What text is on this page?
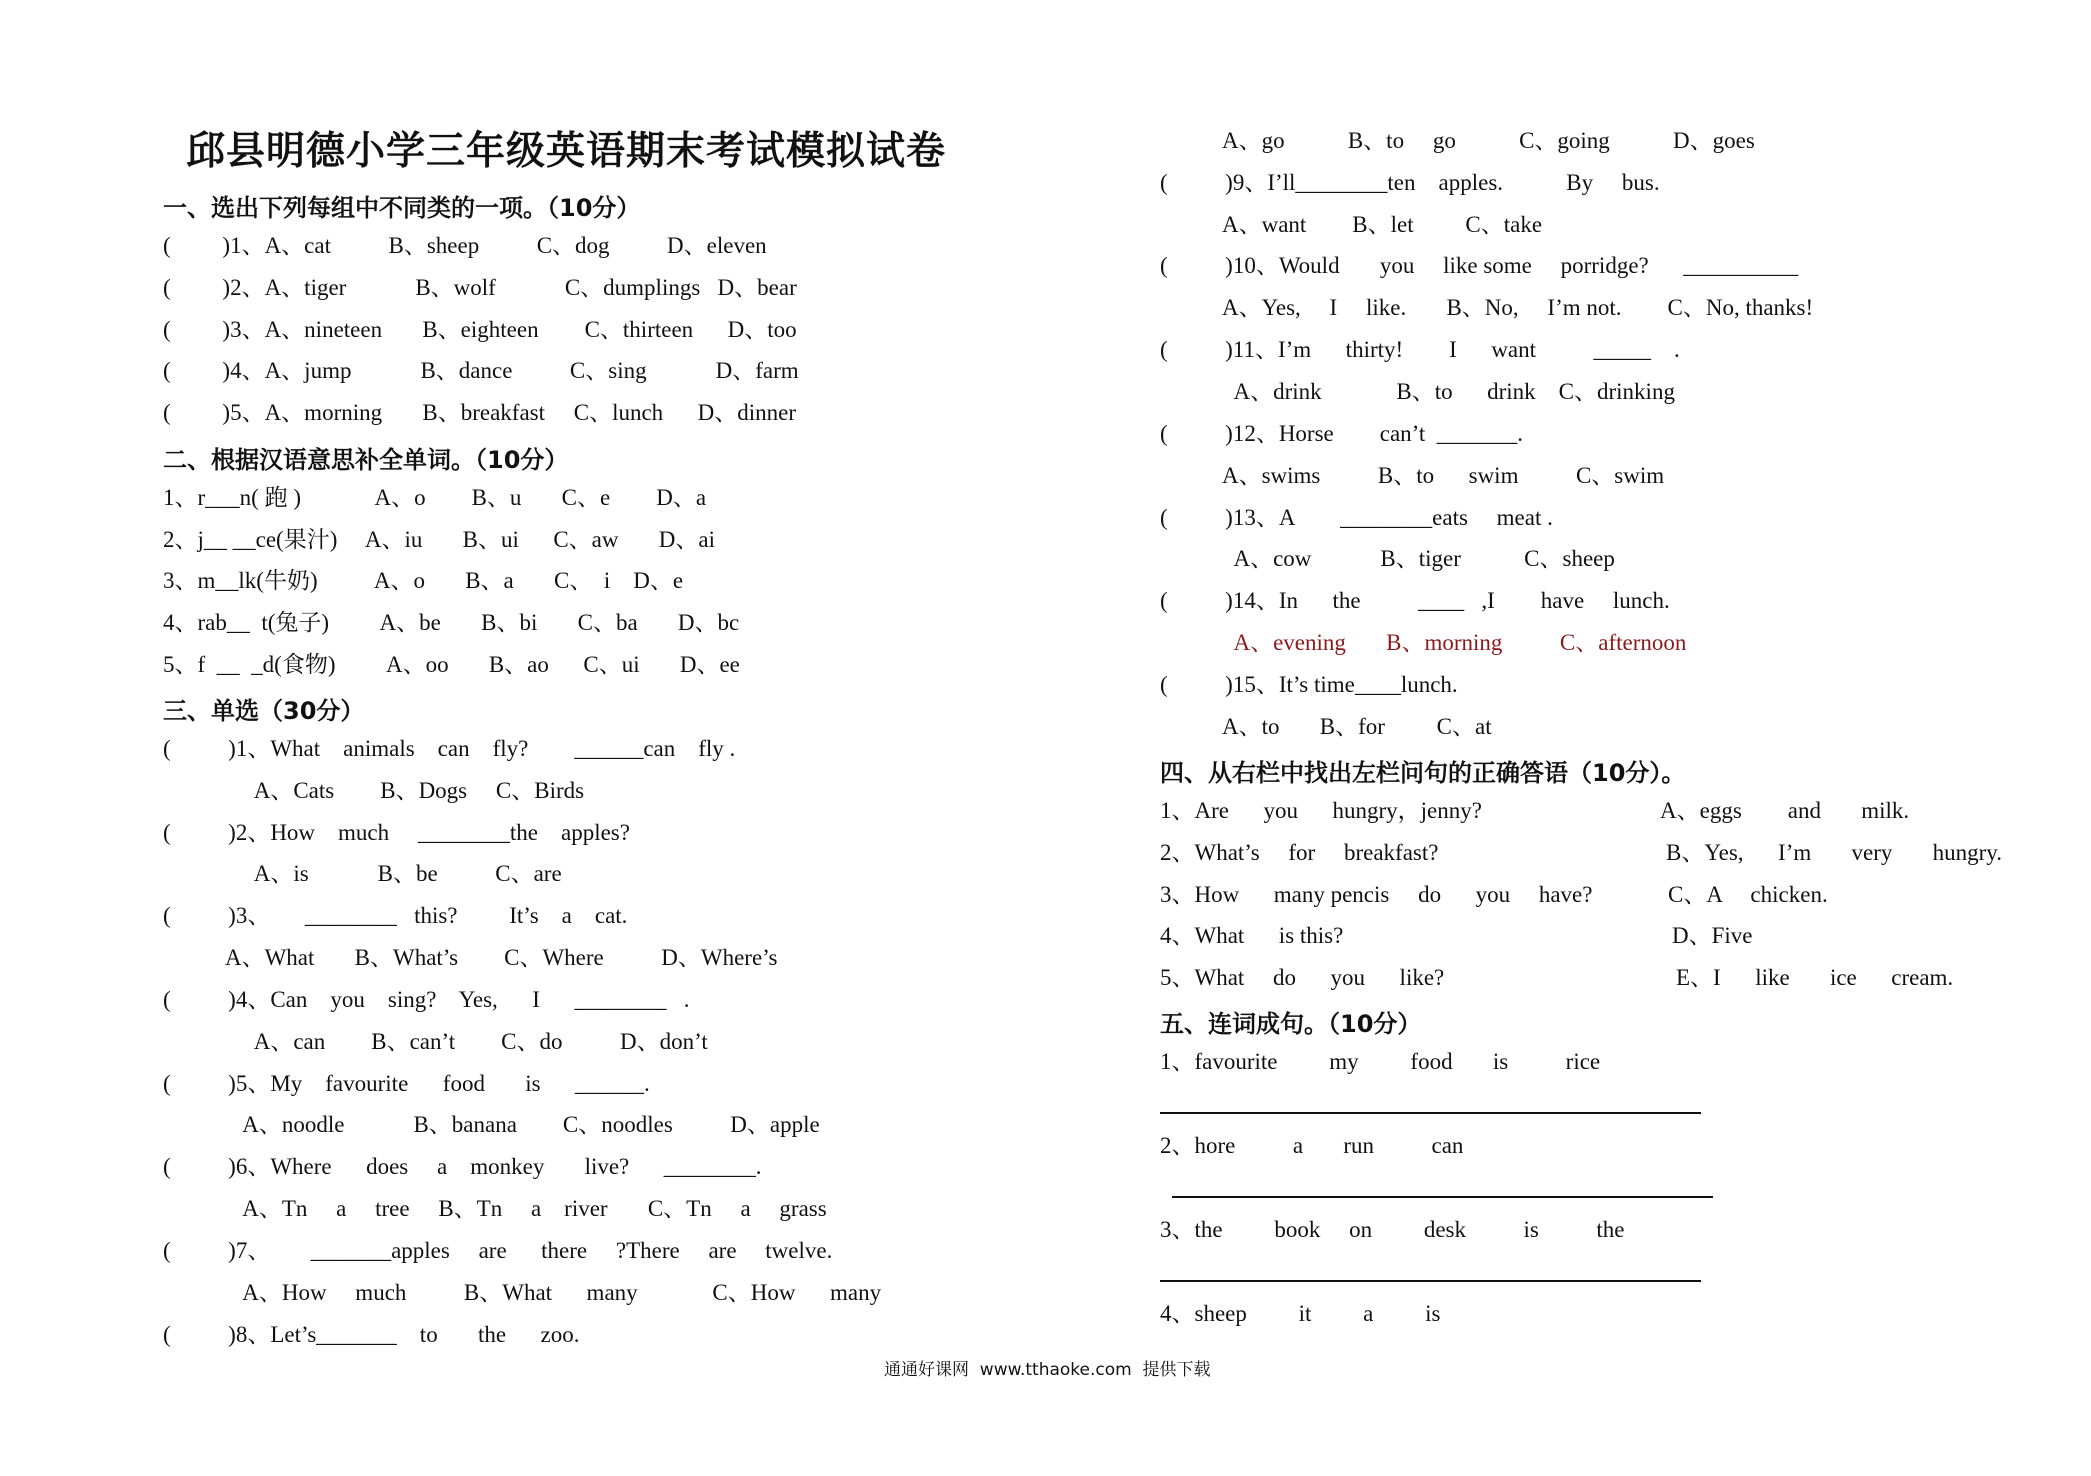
邱县明德小学三年级英语期末考试模拟试卷
一、选出下列每组中不同类的一项。（10分）
(         )1、A、cat          B、sheep          C、dog          D、eleven
(         )2、A、tiger            B、wolf            C、dumplings   D、bear
(         )3、A、nineteen       B、eighteen        C、thirteen      D、too
(         )4、A、jump            B、dance          C、sing            D、farm
(         )5、A、morning       B、breakfast     C、lunch      D、dinner
二、根据汉语意思补全单词。（10分）
1、r___n( 跑 )             A、o        B、u       C、e        D、a
2、j__ __ce(果汁)     A、iu       B、ui      C、aw       D、ai
3、m__lk(牛奶)          A、o       B、a       C、  i    D、e
4、rab__  t(兔子)         A、be       B、bi       C、ba       D、bc
5、f  __  _d(食物)         A、oo       B、ao      C、ui       D、ee
三、单选（30分）
(          )1、What    animals    can    fly?        ______can    fly .
A、Cats        B、Dogs     C、Birds
(          )2、How    much     ________the    apples?
A、is            B、be          C、are
(          )3、      ________   this?         It’s    a    cat.
A、What       B、What’s        C、Where          D、Where’s
(          )4、Can    you    sing?    Yes,      I      ________   .
A、can        B、can’t        C、do          D、don’t
(          )5、My    favourite      food       is      ______.
A、noodle            B、banana        C、noodles          D、apple
(          )6、Where      does     a    monkey       live?      ________.
A、Tn     a     tree     B、Tn     a    river       C、Tn     a     grass
(          )7、       _______apples     are      there     ?There     are     twelve.
A、How     much          B、What      many             C、How      many
(          )8、Let’s_______    to       the      zoo.
A、go           B、to     go           C、going           D、goes
(          )9、I’ll________ten    apples.           By     bus.
A、want        B、let         C、take
(          )10、Would       you     like some     porridge?      __________
A、Yes,     I     like.       B、No,     I’m not.        C、No, thanks!
(          )11、I’m      thirty!        I      want          _____    .
A、drink             B、to      drink    C、drinking
(          )12、Horse        can’t  _______.
A、swims          B、to      swim          C、swim
(          )13、A        ________eats     meat .
A、cow            B、tiger           C、sheep
(          )14、In      the          ____   ,I        have     lunch.
A、evening       B、morning          C、afternoon
(          )15、It’s time____lunch.
A、to       B、for         C、at
四、从右栏中找出左栏问句的正确答语（10分）。
1、Are      you      hungry，jenny?	A、eggs        and       milk.
2、What’s     for     breakfast?	B、Yes,      I’m       very       hungry.
3、How      many pencis     do      you     have?	C、A     chicken.
4、What      is this?	D、Five
5、What     do      you      like?	E、I      like       ice      cream.
五、连词成句。（10分）
1、favourite         my         food       is          rice
2、hore          a       run          can
3、the         book     on         desk          is          the
4、sheep         it         a         is
通通好课网  www.tthaoke.com  提供下载
